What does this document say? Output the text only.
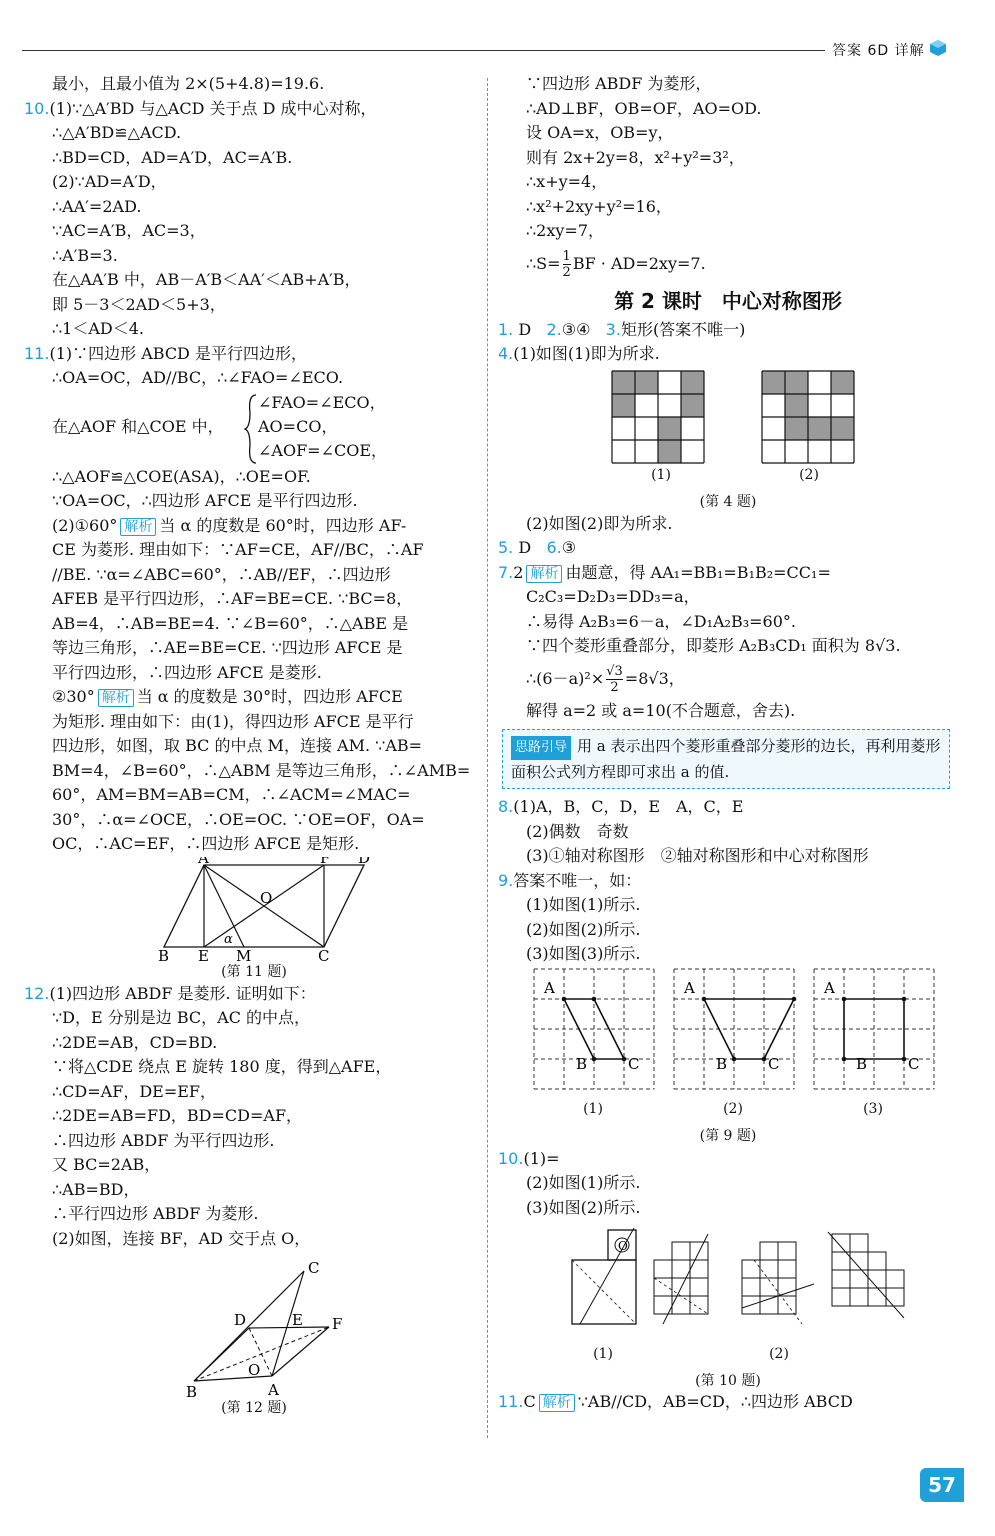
答案 6D 详解
最小，且最小值为 2×(5+4.8)=19.6.
10.(1)∵△A′BD 与△ACD 关于点 D 成中心对称，
∴△A′BD≌△ACD.
∴BD=CD，AD=A′D，AC=A′B.
(2)∵AD=A′D，
∴AA′=2AD.
∵AC=A′B，AC=3，
∴A′B=3.
在△AA′B 中，AB－A′B＜AA′＜AB+A′B，
即 5－3＜2AD＜5+3，
∴1＜AD＜4.
11.(1)∵四边形 ABCD 是平行四边形，
∴OA=OC，AD//BC，∴∠FAO=∠ECO.
在△AOF 和△COE 中，
∠FAO=∠ECO，
AO=CO，
∠AOF=∠COE，
∴△AOF≌△COE(ASA)，∴OE=OF.
∵OA=OC，∴四边形 AFCE 是平行四边形.
(2)①60° 解析 当 α 的度数是 60°时，四边形 AF-
CE 为菱形. 理由如下：∵AF=CE，AF//BC，∴AF
//BE. ∵α=∠ABC=60°，∴AB//EF，∴四边形
AFEB 是平行四边形，∴AF=BE=CE. ∵BC=8，
AB=4，∴AB=BE=4. ∵∠B=60°，∴△ABE 是
等边三角形，∴AE=BE=CE. ∵四边形 AFCE 是
平行四边形，∴四边形 AFCE 是菱形.
②30° 解析 当 α 的度数是 30°时，四边形 AFCE
为矩形. 理由如下：由(1)，得四边形 AFCE 是平行
四边形，如图，取 BC 的中点 M，连接 AM. ∵AB=
BM=4，∠B=60°，∴△ABM 是等边三角形，∴∠AMB=
60°，AM=BM=AB=CM，∴∠ACM=∠MAC=
30°，∴α=∠OCE，∴OE=OC. ∵OE=OF，OA=
OC，∴AC=EF，∴四边形 AFCE 是矩形.
A	F D
O
α
B E M	C
(第 11 题)
12.(1)四边形 ABDF 是菱形. 证明如下：
∵D，E 分别是边 BC，AC 的中点，
∴2DE=AB，CD=BD.
∵将△CDE 绕点 E 旋转 180 度，得到△AFE，
∴CD=AF，DE=EF，
∴2DE=AB=FD，BD=CD=AF，
∴四边形 ABDF 为平行四边形.
又 BC=2AB，
∴AB=BD，
∴平行四边形 ABDF 为菱形.
(2)如图，连接 BF，AD 交于点 O，
C
D	E F
O
B	A
(第 12 题)
∵四边形 ABDF 为菱形，
∴AD⊥BF，OB=OF，AO=OD.
设 OA=x，OB=y，
则有 2x+2y=8，x²+y²=3²，
∴x+y=4，
∴x²+2xy+y²=16，
∴2xy=7，
∴S= $\frac{1}{2}$ BF · AD=2xy=7.
第 2 课时　中心对称图形
1. D 2.③④ 3.矩形(答案不唯一)
4.(1)如图(1)即为所求.
(1)	(2)
(第 4 题)
(2)如图(2)即为所求.
5. D 6.③
7.2 解析 由题意，得 AA₁=BB₁=B₁B₂=CC₁=
C₂C₃=D₂D₃=DD₃=a，
∴易得 A₂B₃=6－a，∠D₁A₂B₃=60°.
∵四个菱形重叠部分，即菱形 A₂B₃CD₁ 面积为 8√3.
∴(6－a)²× $\frac{√3}{2} =8√3$，
解得 a=2 或 a=10(不合题意，舍去).
思路引导 用 a 表示出四个菱形重叠部分菱形的边长，再利用菱形面积公式列方程即可求出 a 的值.
8.(1)A，B，C，D，E　A，C，E
(2)偶数　奇数
(3)①轴对称图形　②轴对称图形和中心对称图形
9.答案不唯一，如：
(1)如图(1)所示.
(2)如图(2)所示.
(3)如图(3)所示.
A
B	C
A
B	C
A
B	C
(1)	(2)	(3)
(第 9 题)
10.(1)=
(2)如图(1)所示.
(3)如图(2)所示.
O
(1)	(2)
(第 10 题)
11.C 解析 ∵AB//CD，AB=CD，∴四边形 ABCD
57
